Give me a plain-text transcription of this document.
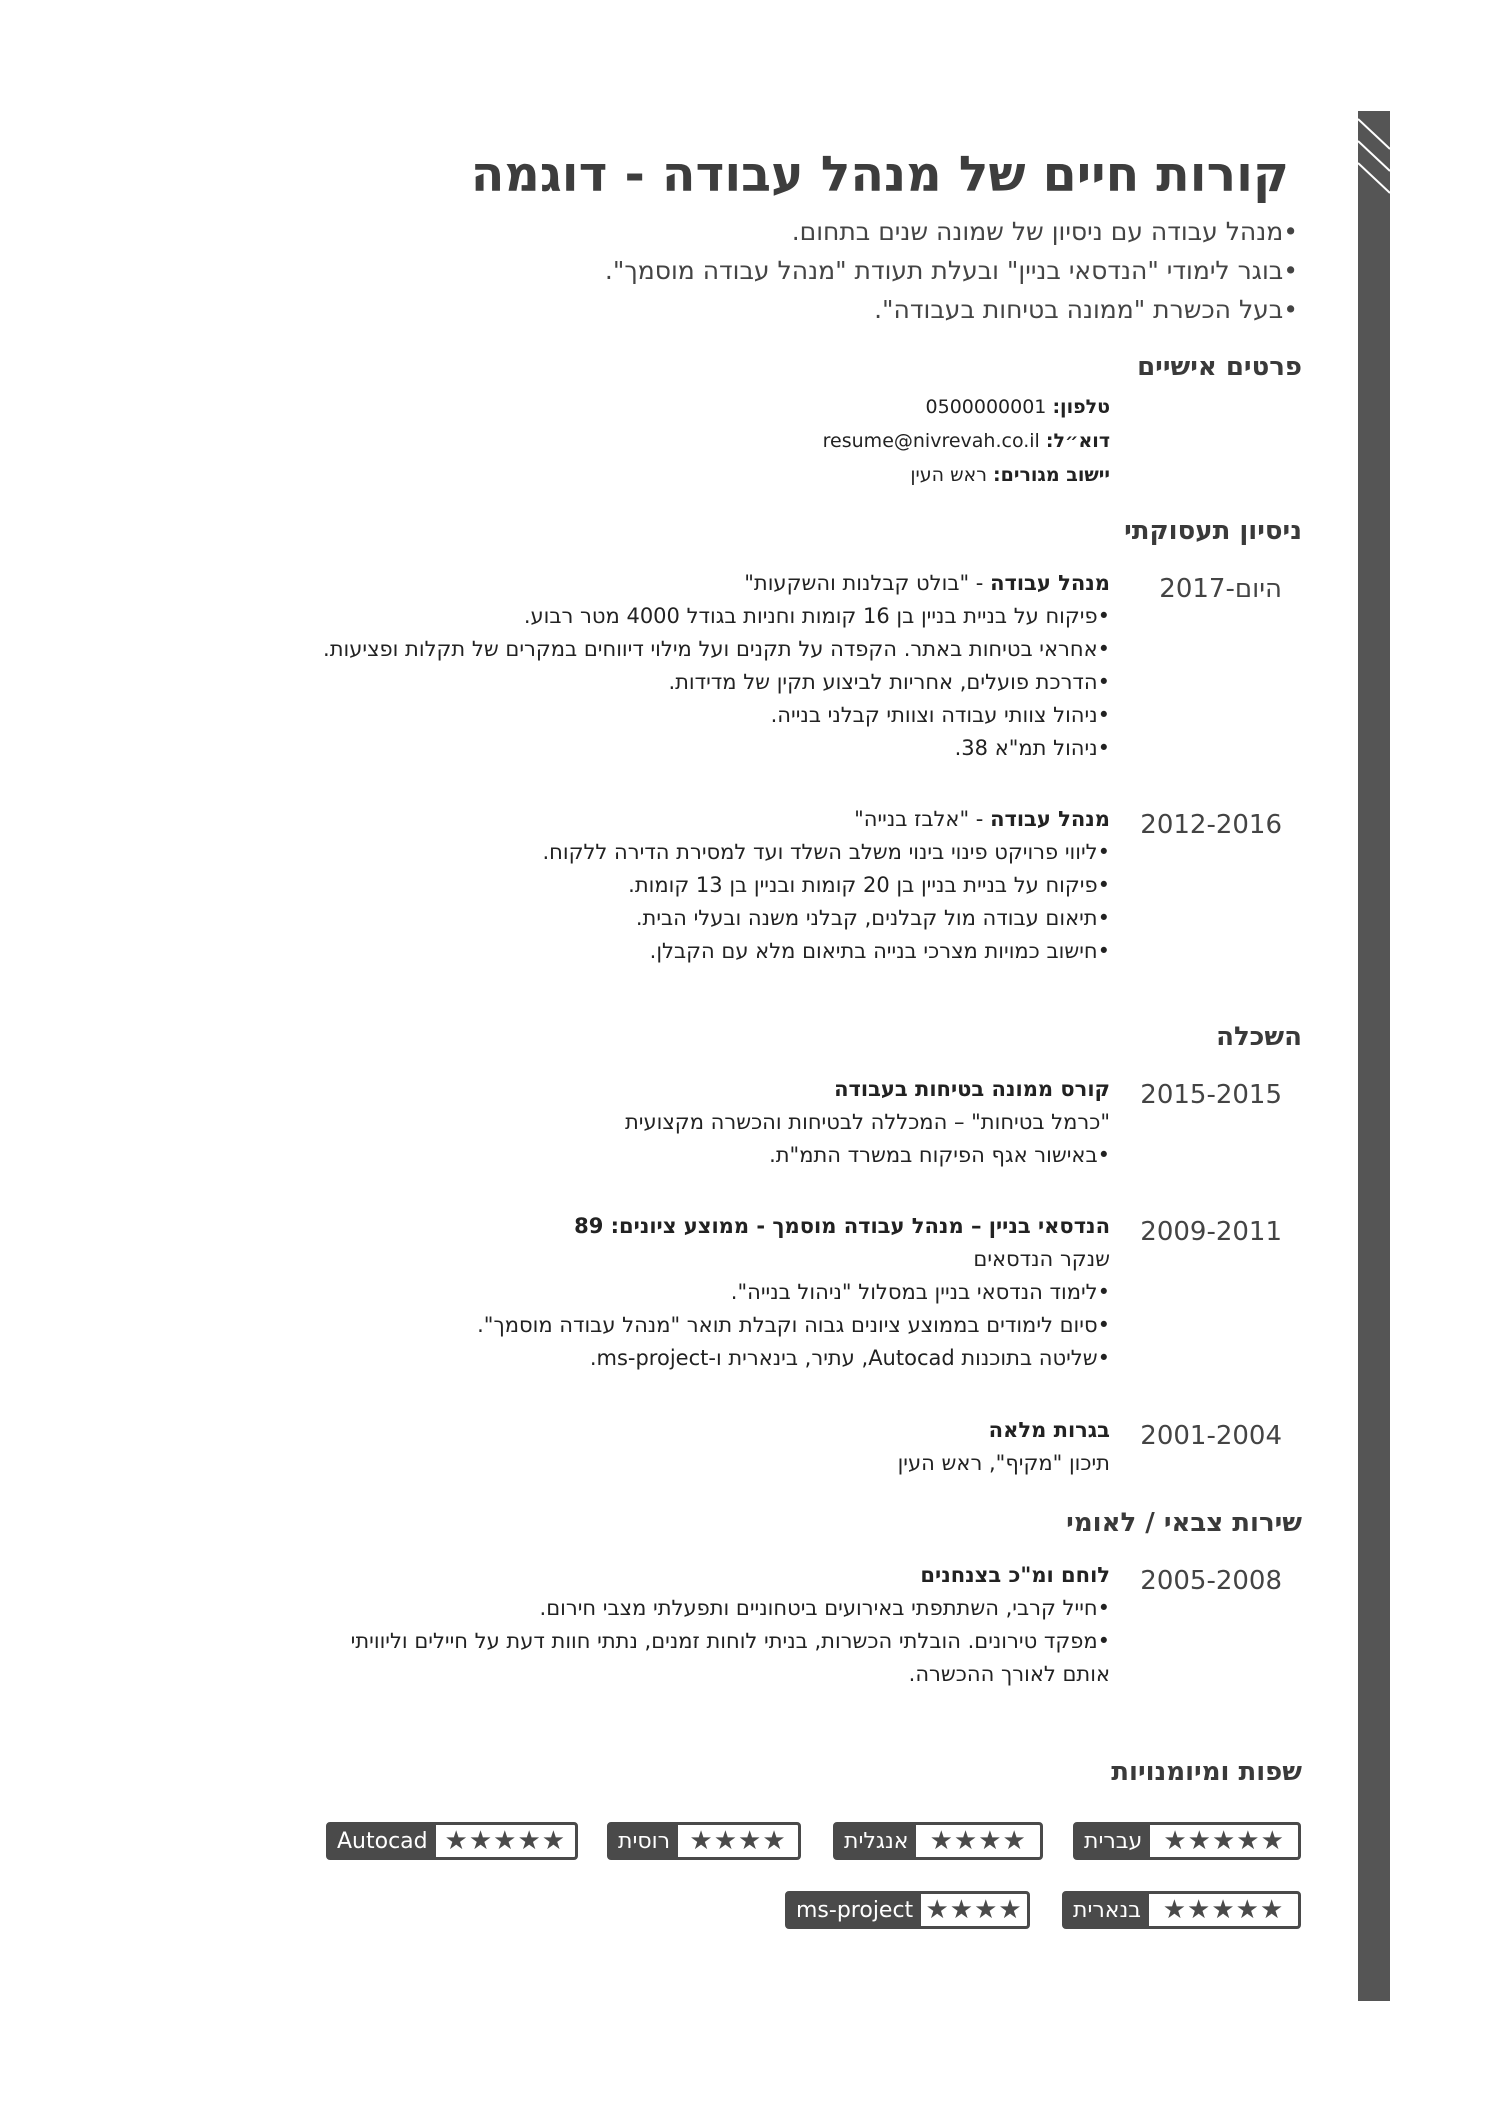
קורות חיים של מנהל עבודה - דוגמה
•מנהל עבודה עם ניסיון של שמונה שנים בתחום.
•בוגר לימודי "הנדסאי בניין" ובעלת תעודת "מנהל עבודה מוסמך".
•בעל הכשרת "ממונה בטיחות בעבודה".
פרטים אישיים
טלפון: 0500000001
דוא״ל: resume@nivrevah.co.il
יישוב מגורים: ראש העין
ניסיון תעסוקתי
2017-היום
מנהל עבודה - "בולט קבלנות והשקעות"
•פיקוח על בניית בניין בן 16 קומות וחניות בגודל 4000 מטר רבוע.
•אחראי בטיחות באתר. הקפדה על תקנים ועל מילוי דיווחים במקרים של תקלות ופציעות.
•הדרכת פועלים, אחריות לביצוע תקין של מדידות.
•ניהול צוותי עבודה וצוותי קבלני בנייה.
•ניהול תמ"א 38.
2012-2016
מנהל עבודה - "אלבז בנייה"
•ליווי פרויקט פינוי בינוי משלב השלד ועד למסירת הדירה ללקוח.
•פיקוח על בניית בניין בן 20 קומות ובניין בן 13 קומות.
•תיאום עבודה מול קבלנים, קבלני משנה ובעלי הבית.
•חישוב כמויות מצרכי בנייה בתיאום מלא עם הקבלן.
השכלה
2015-2015
קורס ממונה בטיחות בעבודה
"כרמל בטיחות" – המכללה לבטיחות והכשרה מקצועית
•באישור אגף הפיקוח במשרד התמ"ת.
2009-2011
הנדסאי בניין – מנהל עבודה מוסמך - ממוצע ציונים: 89
שנקר הנדסאים
•לימוד הנדסאי בניין במסלול "ניהול בנייה".
•סיום לימודים בממוצע ציונים גבוה וקבלת תואר "מנהל עבודה מוסמך".
•שליטה בתוכנות Autocad, עתיר, בינארית ו-ms-project.
2001-2004
בגרות מלאה
תיכון "מקיף", ראש העין
שירות צבאי / לאומי
2005-2008
לוחם ומ"כ בצנחנים
•חייל קרבי, השתתפתי באירועים ביטחוניים ותפעלתי מצבי חירום.
•מפקד טירונים. הובלתי הכשרות, בניתי לוחות זמנים, נתתי חוות דעת על חיילים וליוויתי
אותם לאורך ההכשרה.
שפות ומיומנויות
★★★★★
עברית
★★★★
אנגלית
★★★★
רוסית
★★★★★
Autocad
★★★★★
בנארית
★★★★
ms-project
